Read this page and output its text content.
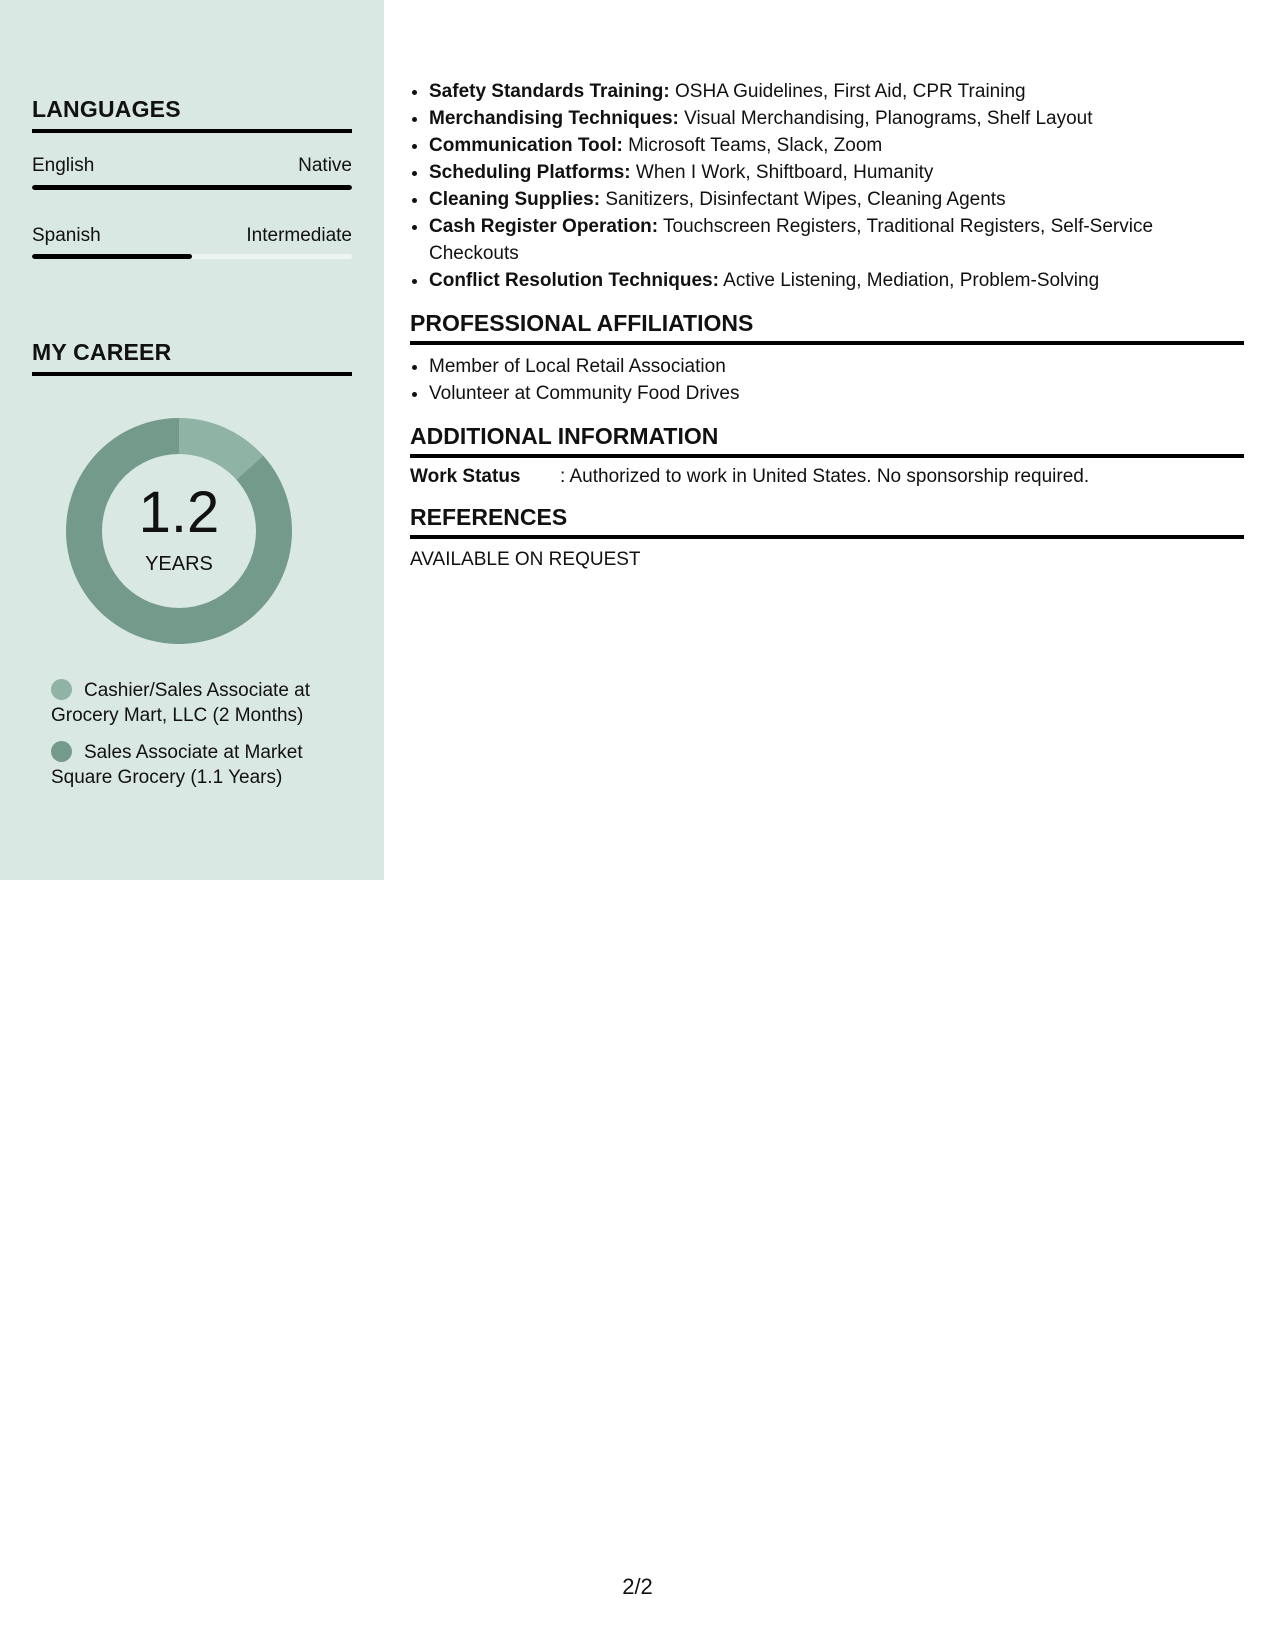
LANGUAGES
English	Native
Spanish	Intermediate
MY CAREER
1.2
YEARS
Cashier/Sales Associate at Grocery Mart, LLC (2 Months)
Sales Associate at Market Square Grocery (1.1 Years)
• Safety Standards Training: OSHA Guidelines, First Aid, CPR Training
• Merchandising Techniques: Visual Merchandising, Planograms, Shelf Layout
• Communication Tool: Microsoft Teams, Slack, Zoom
• Scheduling Platforms: When I Work, Shiftboard, Humanity
• Cleaning Supplies: Sanitizers, Disinfectant Wipes, Cleaning Agents
• Cash Register Operation: Touchscreen Registers, Traditional Registers, Self-Service Checkouts
• Conflict Resolution Techniques: Active Listening, Mediation, Problem-Solving
PROFESSIONAL AFFILIATIONS
• Member of Local Retail Association
• Volunteer at Community Food Drives
ADDITIONAL INFORMATION
Work Status	: Authorized to work in United States. No sponsorship required.
REFERENCES
AVAILABLE ON REQUEST
2/2
